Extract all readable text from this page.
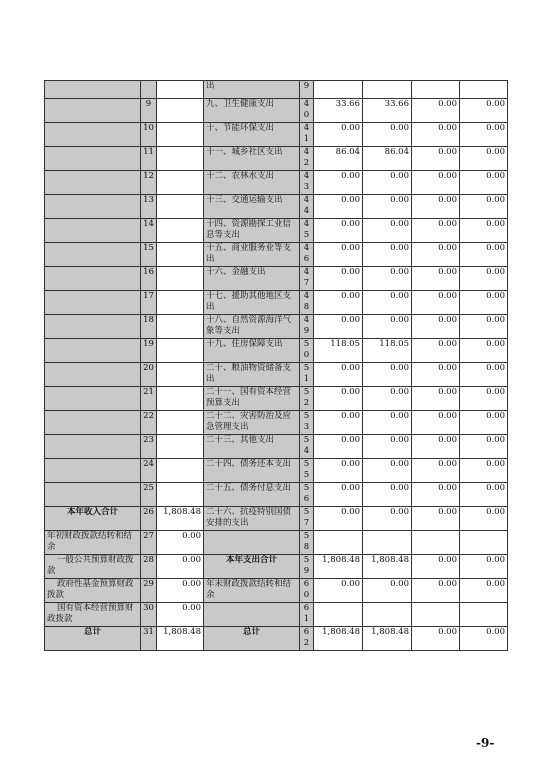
			出	9				
	9		九、卫生健康支出	40	33.66	33.66	0.00	0.00
	10		十、节能环保支出	41	0.00	0.00	0.00	0.00
	11		十一、城乡社区支出	42	86.04	86.04	0.00	0.00
	12		十二、农林水支出	43	0.00	0.00	0.00	0.00
	13		十三、交通运输支出	44	0.00	0.00	0.00	0.00
	14		十四、资源勘探工业信息等支出	45	0.00	0.00	0.00	0.00
	15		十五、商业服务业等支出	46	0.00	0.00	0.00	0.00
	16		十六、金融支出	47	0.00	0.00	0.00	0.00
	17		十七、援助其他地区支出	48	0.00	0.00	0.00	0.00
	18		十八、自然资源海洋气象等支出	49	0.00	0.00	0.00	0.00
	19		十九、住房保障支出	50	118.05	118.05	0.00	0.00
	20		二十、粮油物资储备支出	51	0.00	0.00	0.00	0.00
	21		二十一、国有资本经营预算支出	52	0.00	0.00	0.00	0.00
	22		二十二、灾害防治及应急管理支出	53	0.00	0.00	0.00	0.00
	23		二十三、其他支出	54	0.00	0.00	0.00	0.00
	24		二十四、债务还本支出	55	0.00	0.00	0.00	0.00
	25		二十五、债务付息支出	56	0.00	0.00	0.00	0.00
本年收入合计	26	1,808.48	二十六、抗疫特别国债安排的支出	57	0.00	0.00	0.00	0.00
年初财政拨款结转和结余	27	0.00		58				
一般公共预算财政拨款	28	0.00	本年支出合计	59	1,808.48	1,808.48	0.00	0.00
政府性基金预算财政拨款	29	0.00	年末财政拨款结转和结余	60	0.00	0.00	0.00	0.00
国有资本经营预算财政拨款	30	0.00		61				
总计	31	1,808.48	总计	62	1,808.48	1,808.48	0.00	0.00
-9-
